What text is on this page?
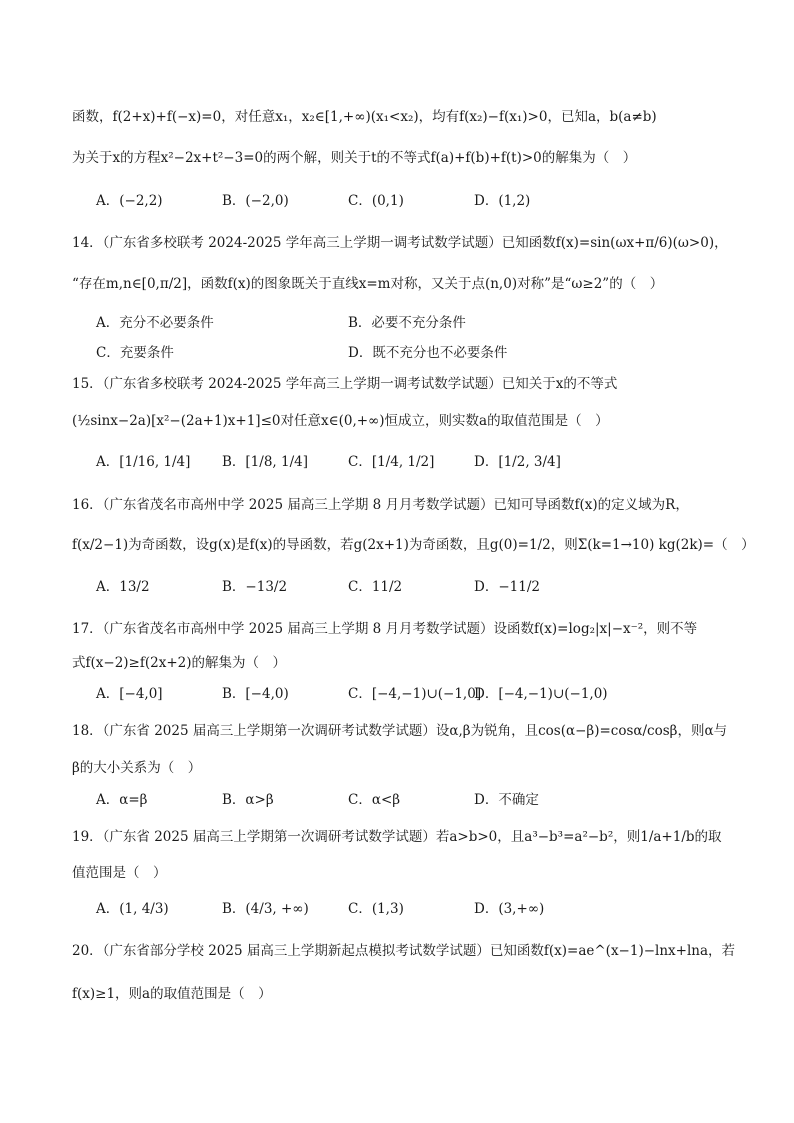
函数，f(2+x)+f(−x)=0，对任意x₁，x₂∈[1,+∞)(x₁<x₂)，均有f(x₂)−f(x₁)>0，已知a，b(a≠b)
为关于x的方程x²−2x+t²−3=0的两个解，则关于t的不等式f(a)+f(b)+f(t)>0的解集为（　）
A．(−2,2)	B．(−2,0)	C．(0,1)	D．(1,2)
14．（广东省多校联考 2024-2025 学年高三上学期一调考试数学试题）已知函数f(x)=sin(ωx+π/6)(ω>0)，
“存在m,n∈[0,π/2]，函数f(x)的图象既关于直线x=m对称，又关于点(n,0)对称”是“ω≥2”的（　）
A．充分不必要条件	B．必要不充分条件
C．充要条件	D．既不充分也不必要条件
15．（广东省多校联考 2024-2025 学年高三上学期一调考试数学试题）已知关于x的不等式
(½sinx−2a)[x²−(2a+1)x+1]≤0对任意x∈(0,+∞)恒成立，则实数a的取值范围是（　）
A．[1/16, 1/4] B．[1/8, 1/4]	C．[1/4, 1/2]	D．[1/2, 3/4]
16．（广东省茂名市高州中学 2025 届高三上学期 8 月月考数学试题）已知可导函数f(x)的定义域为R，
f(x/2−1)为奇函数，设g(x)是f(x)的导函数，若g(2x+1)为奇函数，且g(0)=1/2，则Σ(k=1→10) kg(2k)=（　）
A．13/2	B．−13/2	C．11/2	D．−11/2
17．（广东省茂名市高州中学 2025 届高三上学期 8 月月考数学试题）设函数f(x)=log₂|x|−x⁻²，则不等
式f(x−2)≥f(2x+2)的解集为（　）
A．[−4,0]	B．[−4,0)	C．[−4,−1)∪(−1,0]D．[−4,−1)∪(−1,0)
18．（广东省 2025 届高三上学期第一次调研考试数学试题）设α,β为锐角，且cos(α−β)=cosα/cosβ，则α与
β的大小关系为（　）
A．α=β	B．α>β	C．α<β	D．不确定
19．（广东省 2025 届高三上学期第一次调研考试数学试题）若a>b>0，且a³−b³=a²−b²，则1/a+1/b的取
值范围是（　）
A．(1, 4/3)	B．(4/3, +∞)	C．(1,3)	D．(3,+∞)
20．（广东省部分学校 2025 届高三上学期新起点模拟考试数学试题）已知函数f(x)=ae^(x−1)−lnx+lna，若
f(x)≥1，则a的取值范围是（　）
